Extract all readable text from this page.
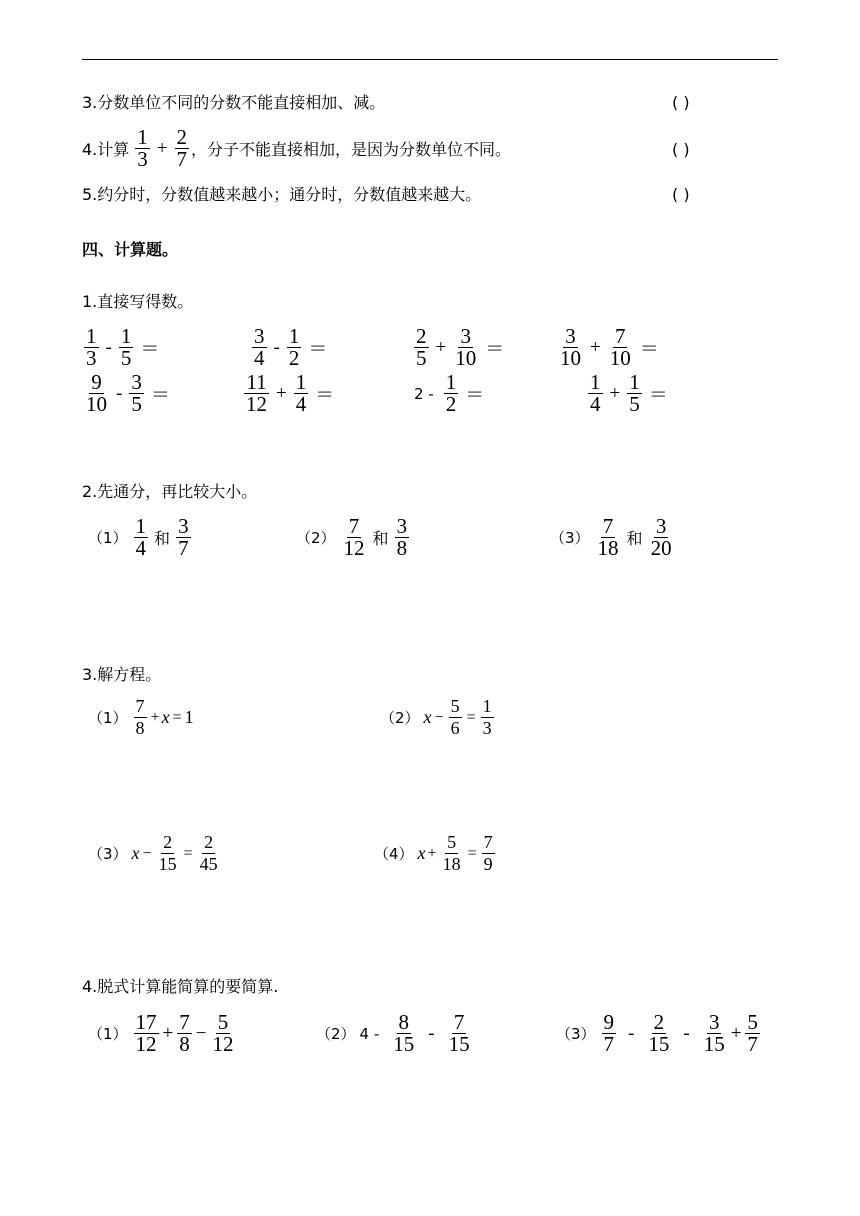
3.分数单位不同的分数不能直接相加、减。	( )
4.计算 $\frac{1}{3} + \frac{2}{7}$ ，分子不能直接相加，是因为分数单位不同。	( )
5.约分时，分数值越来越小；通分时，分数值越来越大。	( )
四、计算题。
1.直接写得数。
$\frac{1}{3} - \frac{1}{5}$ ＝	$\frac{3}{4} - \frac{1}{2}$ ＝	$\frac{2}{5} + \frac{3}{10}$ ＝	$\frac{3}{10} + \frac{7}{10}$ ＝
$\frac{9}{10} - \frac{3}{5}$ ＝	$\frac{11}{12} + \frac{1}{4}$ ＝	$2 - \frac{1}{2}$ ＝	$\frac{1}{4} + \frac{1}{5}$ ＝
2.先通分，再比较大小。
$(1) \frac{1}{4}$ 和 $\frac{3}{7}$	$(2) \frac{7}{12}$ 和 $\frac{3}{8}$	$(3) \frac{7}{18}$ 和 $\frac{3}{20}$
3.解方程。
$(1) \frac{7}{8} + x = 1$	（2） $x - \frac{5}{6} = \frac{1}{3}$
（3） $x - \frac{2}{15} = \frac{2}{45}$	（4） $x + \frac{5}{18} = \frac{7}{9}$
4.脱式计算能简算的要简算.
$(1) \frac{17}{12} + \frac{7}{8} - \frac{5}{12}$	（2） $4 - \frac{8}{15} - \frac{7}{15}$	$(3) \frac{9}{7} - \frac{2}{15} - \frac{3}{15} + \frac{5}{7}$
